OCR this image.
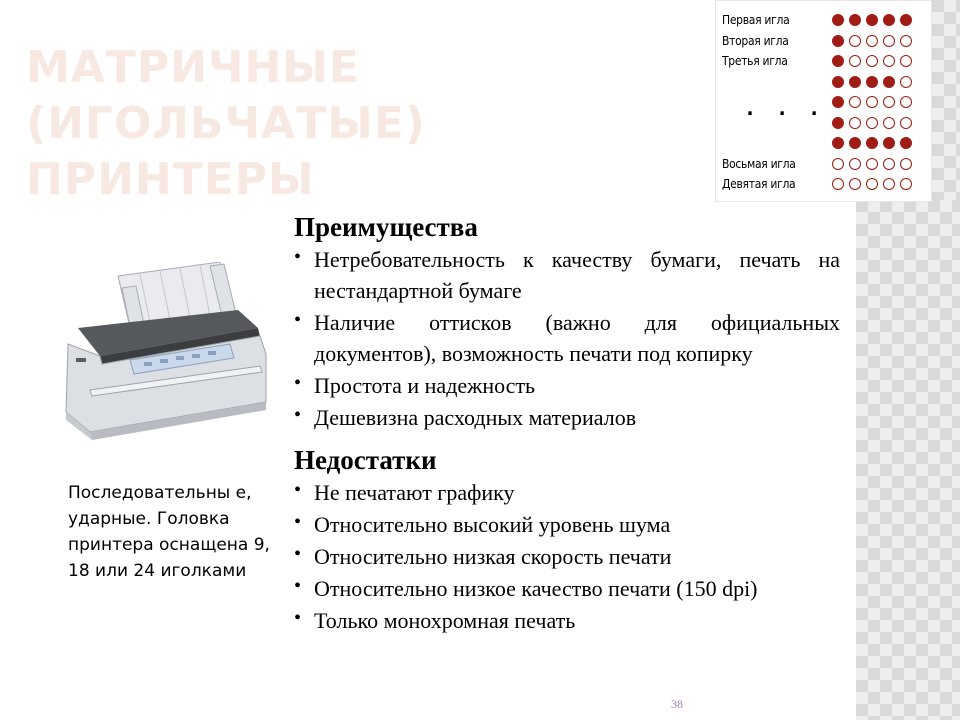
МАТРИЧНЫЕ
(ИГОЛЬЧАТЫЕ) ПРИНТЕРЫ
Первая игла
Вторая игла
Третья игла
Восьмая игла
Девятая игла
. . .
Последовательны е, ударные. Головка принтера оснащена 9, 18 или 24 иголками
Преимущества
• Нетребовательность к качеству бумаги, печать на нестандартной бумаге
• Наличие оттисков (важно для официальных документов), возможность печати под копирку
• Простота и надежность
• Дешевизна расходных материалов
Недостатки
• Не печатают графику
• Относительно высокий уровень шума
• Относительно низкая скорость печати
• Относительно низкое качество печати (150 dpi)
• Только монохромная печать
38
